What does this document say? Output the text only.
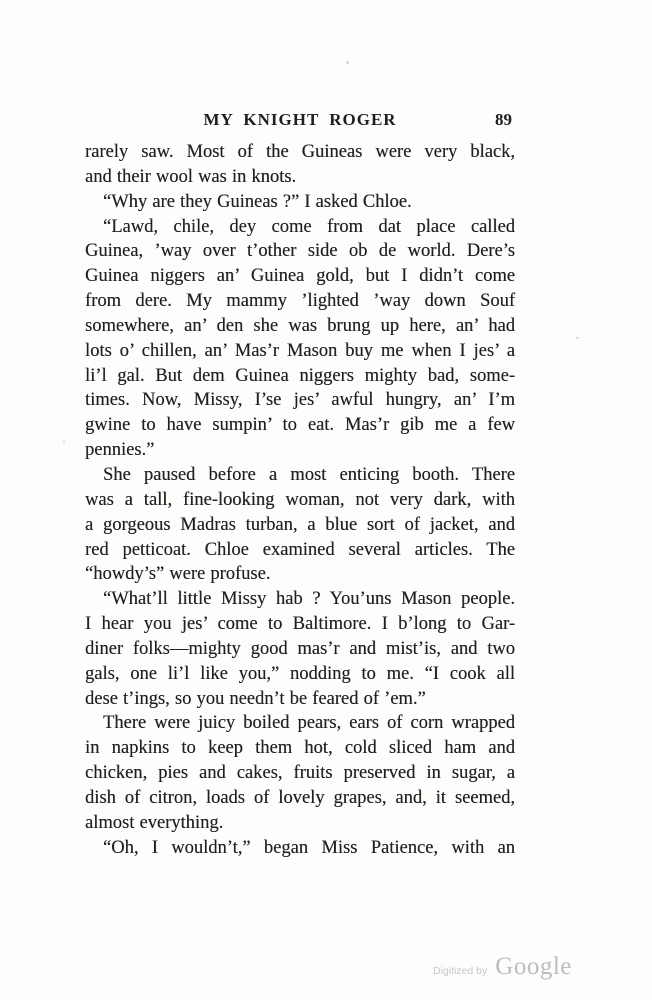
MY KNIGHT ROGER	89
rarely saw. Most of the Guineas were very black,
and their wool was in knots.
“Why are they Guineas ?” I asked Chloe.
“Lawd, chile, dey come from dat place called
Guinea, ’way over t’other side ob de world. Dere’s
Guinea niggers an’ Guinea gold, but I didn’t come
from dere. My mammy ’lighted ’way down Souf
somewhere, an’ den she was brung up here, an’ had
lots o’ chillen, an’ Mas’r Mason buy me when I jes’ a
li’l gal. But dem Guinea niggers mighty bad, some-
times. Now, Missy, I’se jes’ awful hungry, an’ I’m
gwine to have sumpin’ to eat. Mas’r gib me a few
pennies.”
She paused before a most enticing booth. There
was a tall, fine-looking woman, not very dark, with
a gorgeous Madras turban, a blue sort of jacket, and
red petticoat. Chloe examined several articles. The
“howdy’s” were profuse.
“What’ll little Missy hab ? You’uns Mason people.
I hear you jes’ come to Baltimore. I b’long to Gar-
diner folks—mighty good mas’r and mist’is, and two
gals, one li’l like you,” nodding to me. “I cook all
dese t’ings, so you needn’t be feared of ’em.”
There were juicy boiled pears, ears of corn wrapped
in napkins to keep them hot, cold sliced ham and
chicken, pies and cakes, fruits preserved in sugar, a
dish of citron, loads of lovely grapes, and, it seemed,
almost everything.
“Oh, I wouldn’t,” began Miss Patience, with an
Digitized by Google
